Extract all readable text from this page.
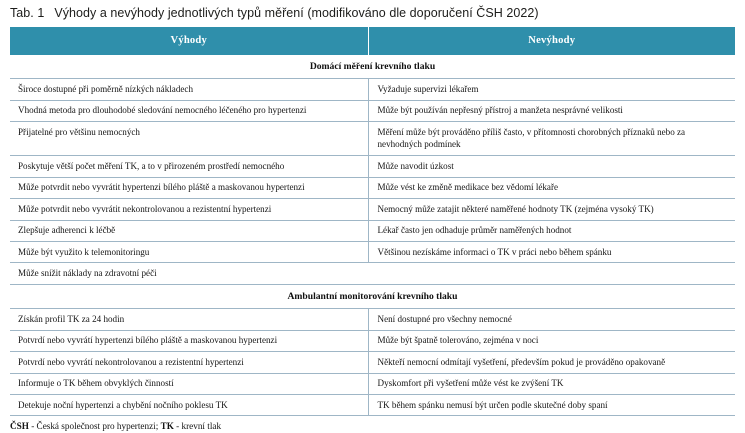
Tab. 1 Výhody a nevýhody jednotlivých typů měření (modifikováno dle doporučení ČSH 2022)
Výhody	Nevýhody
Domácí měření krevního tlaku	
Široce dostupné při poměrně nízkých nákladech	Vyžaduje supervizi lékařem
Vhodná metoda pro dlouhodobé sledování nemocného léčeného pro hypertenzi	Může být používán nepřesný přístroj a manžeta nesprávné velikosti
Přijatelné pro většinu nemocných	Měření může být prováděno příliš často, v přítomnosti chorobných příznaků nebo za nevhodných podmínek
Poskytuje větší počet měření TK, a to v přirozeném prostředí nemocného	Může navodit úzkost
Může potvrdit nebo vyvrátit hypertenzi bílého pláště a maskovanou hypertenzi	Může vést ke změně medikace bez vědomí lékaře
Může potvrdit nebo vyvrátit nekontrolovanou a rezistentní hypertenzi	Nemocný může zatajit některé naměřené hodnoty TK (zejména vysoký TK)
Zlepšuje adherenci k léčbě	Lékař často jen odhaduje průměr naměřených hodnot
Může být využito k telemonitoringu	Většinou nezískáme informaci o TK v práci nebo během spánku
Může snížit náklady na zdravotní péči	
Ambulantní monitorování krevního tlaku	
Získán profil TK za 24 hodin	Není dostupné pro všechny nemocné
Potvrdí nebo vyvrátí hypertenzi bílého pláště a maskovanou hypertenzi	Může být špatně tolerováno, zejména v noci
Potvrdí nebo vyvrátí nekontrolovanou a rezistentní hypertenzi	Někteří nemocní odmítají vyšetření, především pokud je prováděno opakovaně
Informuje o TK během obvyklých činností	Dyskomfort při vyšetření může vést ke zvýšení TK
Detekuje noční hypertenzi a chybění nočního poklesu TK	TK během spánku nemusí být určen podle skutečné doby spaní
ČSH - Česká společnost pro hypertenzi; TK - krevní tlak
